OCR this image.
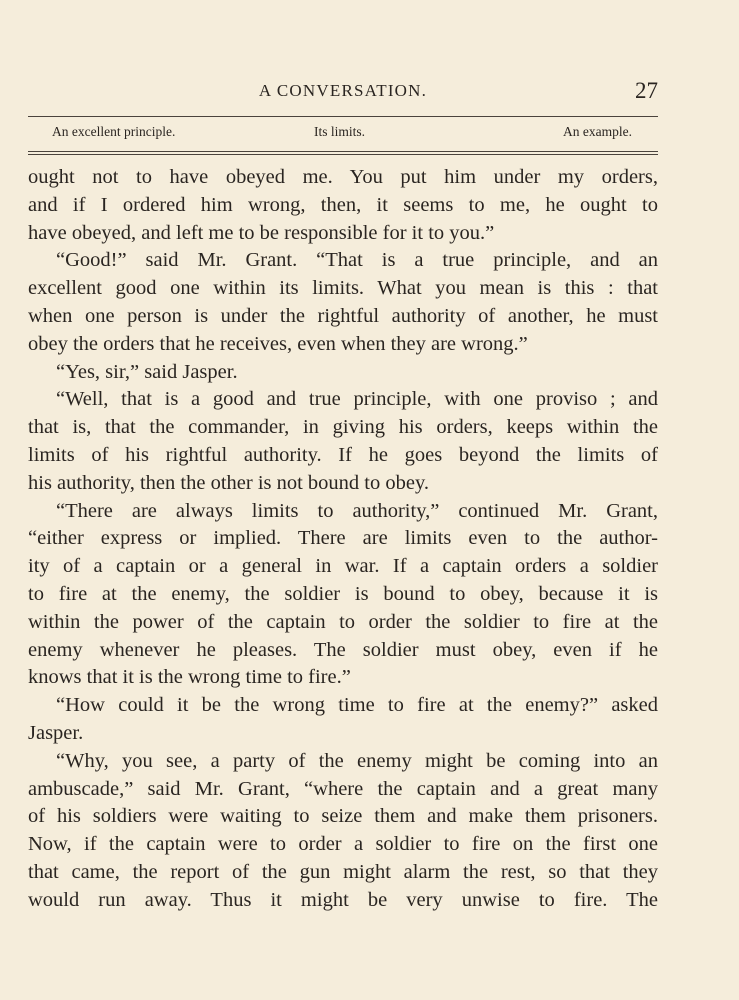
A CONVERSATION.	27
An excellent principle.	Its limits.	An example.
ought not to have obeyed me. You put him under my orders,
and if I ordered him wrong, then, it seems to me, he ought to
have obeyed, and left me to be responsible for it to you.”
“Good!” said Mr. Grant. “That is a true principle, and an
excellent good one within its limits. What you mean is this : that
when one person is under the rightful authority of another, he must
obey the orders that he receives, even when they are wrong.”
“Yes, sir,” said Jasper.
“Well, that is a good and true principle, with one proviso ; and
that is, that the commander, in giving his orders, keeps within the
limits of his rightful authority. If he goes beyond the limits of
his authority, then the other is not bound to obey.
“There are always limits to authority,” continued Mr. Grant,
“either express or implied. There are limits even to the author-
ity of a captain or a general in war. If a captain orders a soldier
to fire at the enemy, the soldier is bound to obey, because it is
within the power of the captain to order the soldier to fire at the
enemy whenever he pleases. The soldier must obey, even if he
knows that it is the wrong time to fire.”
“How could it be the wrong time to fire at the enemy?” asked
Jasper.
“Why, you see, a party of the enemy might be coming into an
ambuscade,” said Mr. Grant, “where the captain and a great many
of his soldiers were waiting to seize them and make them prisoners.
Now, if the captain were to order a soldier to fire on the first one
that came, the report of the gun might alarm the rest, so that they
would run away. Thus it might be very unwise to fire. The
